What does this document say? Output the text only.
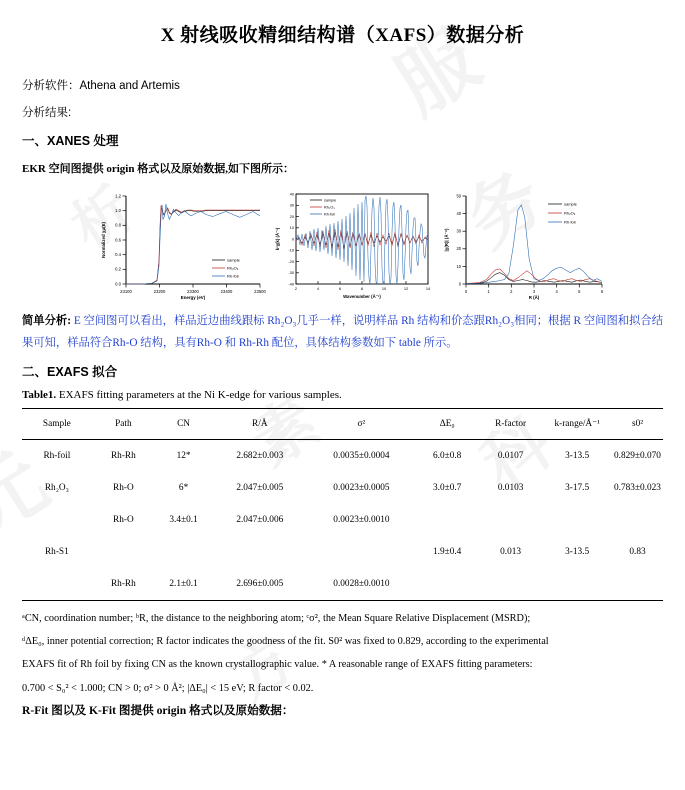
X 射线吸收精细结构谱（XAFS）数据分析

分析软件：Athena and Artemis

分析结果:

一、XANES 处理

EKR 空间图提供 origin 格式以及原始数据,如下图所示：

0.0
0.2
0.4
0.6
0.8
1.0
1.2
23100	23200	23300	23400	23500
Energy (eV)
Normalized χμ(E)
sample
Rh₂O₃
Rh-foil
40
30
20
10
0
-10
-20
-30
-40
2	4	6	8	10	12	14
Wavenumber (Å⁻¹)
k³χ(k) (Å⁻³)
sample
Rh₂O₃
Rh-foil
0
10
20
30
40
50
0	1	2	3	4	5	6
R (Å)
|χ(R)| (Å⁻⁴)
sample
Rh₂O₃
Rh-foil

简单分析: E 空间图可以看出，样品近边曲线跟标 Rh₂O₃几乎一样，说明样品 Rh 结构和价态跟Rh₂O₃相同；根据 R 空间图和拟合结果可知，样品符合Rh-O 结构，具有Rh-O 和 Rh-Rh 配位，具体结构参数如下 table 所示。

二、EXAFS 拟合

Table1. EXAFS fitting parameters at the Ni K-edge for various samples.

Sample	Path	CN	R/Å	σ²	ΔE₀	R-factor	k-range/Å⁻¹	s0²
Rh-foil	Rh-Rh	12*	2.682±0.003	0.0035±0.0004	6.0±0.8	0.0107	3-13.5	0.829±0.070
Rh₂O₃	Rh-O	6*	2.047±0.005	0.0023±0.0005	3.0±0.7	0.0103	3-17.5	0.783±0.023
	Rh-O	3.4±0.1	2.047±0.006	0.0023±0.0010				
Rh-S1					1.9±0.4	0.013	3-13.5	0.83
	Rh-Rh	2.1±0.1	2.696±0.005	0.0028±0.0010				

ᵃCN, coordination number; ᵇR, the distance to the neighboring atom; ᶜσ², the Mean Square Relative Displacement (MSRD);
ᵈΔE₀, inner potential correction; R factor indicates the goodness of the fit. S0² was fixed to 0.829, according to the experimental
EXAFS fit of Rh foil by fixing CN as the known crystallographic value. * A reasonable range of EXAFS fitting parameters:
0.700 < S₀² < 1.000; CN > 0; σ² > 0 Å²; |ΔE₀| < 15 eV; R factor < 0.02.

R-Fit 图以及 K-Fit 图提供 origin 格式以及原始数据：
